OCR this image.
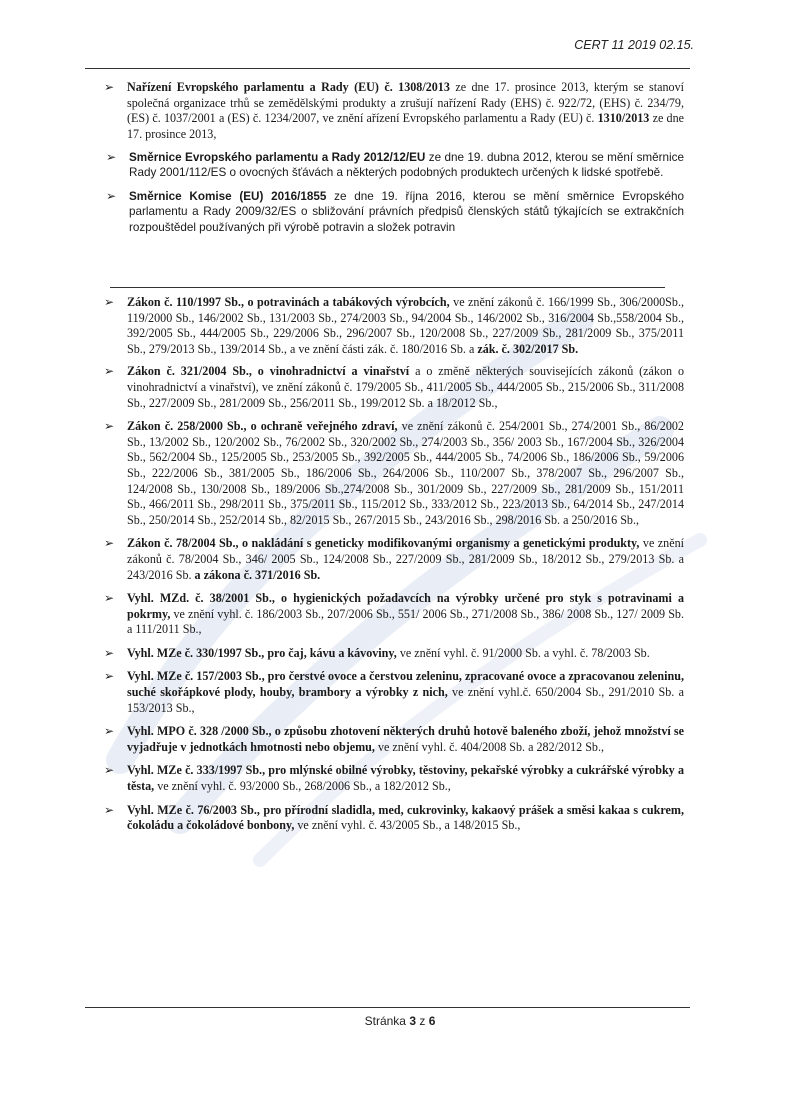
CERT 11 2019 02.15.
➢ Nařízení Evropského parlamentu a Rady (EU) č. 1308/2013 ze dne 17. prosince 2013, kterým se stanoví společná organizace trhů se zemědělskými produkty a zrušují nařízení Rady (EHS) č. 922/72, (EHS) č. 234/79, (ES) č. 1037/2001 a (ES) č. 1234/2007, ve znění ařízení Evropského parlamentu a Rady (EU) č. 1310/2013 ze dne 17. prosince 2013,
➢ Směrnice Evropského parlamentu a Rady 2012/12/EU ze dne 19. dubna 2012, kterou se mění směrnice Rady 2001/112/ES o ovocných šťávách a některých podobných produktech určených k lidské spotřebě.
➢ Směrnice Komise (EU) 2016/1855 ze dne 19. října 2016, kterou se mění směrnice Evropského parlamentu a Rady 2009/32/ES o sbližování právních předpisů členských států týkajících se extrakčních rozpouštědel používaných při výrobě potravin a složek potravin
➢ Zákon č. 110/1997 Sb., o potravinách a tabákových výrobcích, ve znění zákonů č. 166/1999 Sb., 306/2000Sb., 119/2000 Sb., 146/2002 Sb., 131/2003 Sb., 274/2003 Sb., 94/2004 Sb., 146/2002 Sb., 316/2004 Sb.,558/2004 Sb., 392/2005 Sb., 444/2005 Sb., 229/2006 Sb., 296/2007 Sb., 120/2008 Sb., 227/2009 Sb., 281/2009 Sb., 375/2011 Sb., 279/2013 Sb., 139/2014 Sb., a ve znění části zák. č. 180/2016 Sb. a zák. č. 302/2017 Sb.
➢ Zákon č. 321/2004 Sb., o vinohradnictví a vinařství a o změně některých souvisejících zákonů (zákon o vinohradnictví a vinařství), ve znění zákonů č. 179/2005 Sb., 411/2005 Sb., 444/2005 Sb., 215/2006 Sb., 311/2008 Sb., 227/2009 Sb., 281/2009 Sb., 256/2011 Sb., 199/2012 Sb. a 18/2012 Sb.,
➢ Zákon č. 258/2000 Sb., o ochraně veřejného zdraví, ve znění zákonů č. 254/2001 Sb., 274/2001 Sb., 86/2002 Sb., 13/2002 Sb., 120/2002 Sb., 76/2002 Sb., 320/2002 Sb., 274/2003 Sb., 356/ 2003 Sb., 167/2004 Sb., 326/2004 Sb., 562/2004 Sb., 125/2005 Sb., 253/2005 Sb., 392/2005 Sb., 444/2005 Sb., 74/2006 Sb., 186/2006 Sb., 59/2006 Sb., 222/2006 Sb., 381/2005 Sb., 186/2006 Sb., 264/2006 Sb., 110/2007 Sb., 378/2007 Sb., 296/2007 Sb., 124/2008 Sb., 130/2008 Sb., 189/2006 Sb.,274/2008 Sb., 301/2009 Sb., 227/2009 Sb., 281/2009 Sb., 151/2011 Sb., 466/2011 Sb., 298/2011 Sb., 375/2011 Sb., 115/2012 Sb., 333/2012 Sb., 223/2013 Sb., 64/2014 Sb., 247/2014 Sb., 250/2014 Sb., 252/2014 Sb., 82/2015 Sb., 267/2015 Sb., 243/2016 Sb., 298/2016 Sb. a 250/2016 Sb.,
➢ Zákon č. 78/2004 Sb., o nakládání s geneticky modifikovanými organismy a genetickými produkty, ve znění zákonů č. 78/2004 Sb., 346/ 2005 Sb., 124/2008 Sb., 227/2009 Sb., 281/2009 Sb., 18/2012 Sb., 279/2013 Sb. a 243/2016 Sb. a zákona č. 371/2016 Sb.
➢ Vyhl. MZd. č. 38/2001 Sb., o hygienických požadavcích na výrobky určené pro styk s potravinami a pokrmy, ve znění vyhl. č. 186/2003 Sb., 207/2006 Sb., 551/ 2006 Sb., 271/2008 Sb., 386/ 2008 Sb., 127/ 2009 Sb. a 111/2011 Sb.,
➢ Vyhl. MZe č. 330/1997 Sb., pro čaj, kávu a kávoviny, ve znění vyhl. č. 91/2000 Sb. a vyhl. č. 78/2003 Sb.
➢ Vyhl. MZe č. 157/2003 Sb., pro čerstvé ovoce a čerstvou zeleninu, zpracované ovoce a zpracovanou zeleninu, suché skořápkové plody, houby, brambory a výrobky z nich, ve znění vyhl.č. 650/2004 Sb., 291/2010 Sb. a 153/2013 Sb.,
➢ Vyhl. MPO č. 328 /2000 Sb., o způsobu zhotovení některých druhů hotově baleného zboží, jehož množství se vyjadřuje v jednotkách hmotnosti nebo objemu, ve znění vyhl. č. 404/2008 Sb. a 282/2012 Sb.,
➢ Vyhl. MZe č. 333/1997 Sb., pro mlýnské obilné výrobky, těstoviny, pekařské výrobky a cukrářské výrobky a těsta, ve znění vyhl. č. 93/2000 Sb., 268/2006 Sb., a 182/2012 Sb.,
➢ Vyhl. MZe č. 76/2003 Sb., pro přírodní sladidla, med, cukrovinky, kakaový prášek a směsi kakaa s cukrem, čokoládu a čokoládové bonbony, ve znění vyhl. č. 43/2005 Sb., a 148/2015 Sb.,
Stránka 3 z 6
